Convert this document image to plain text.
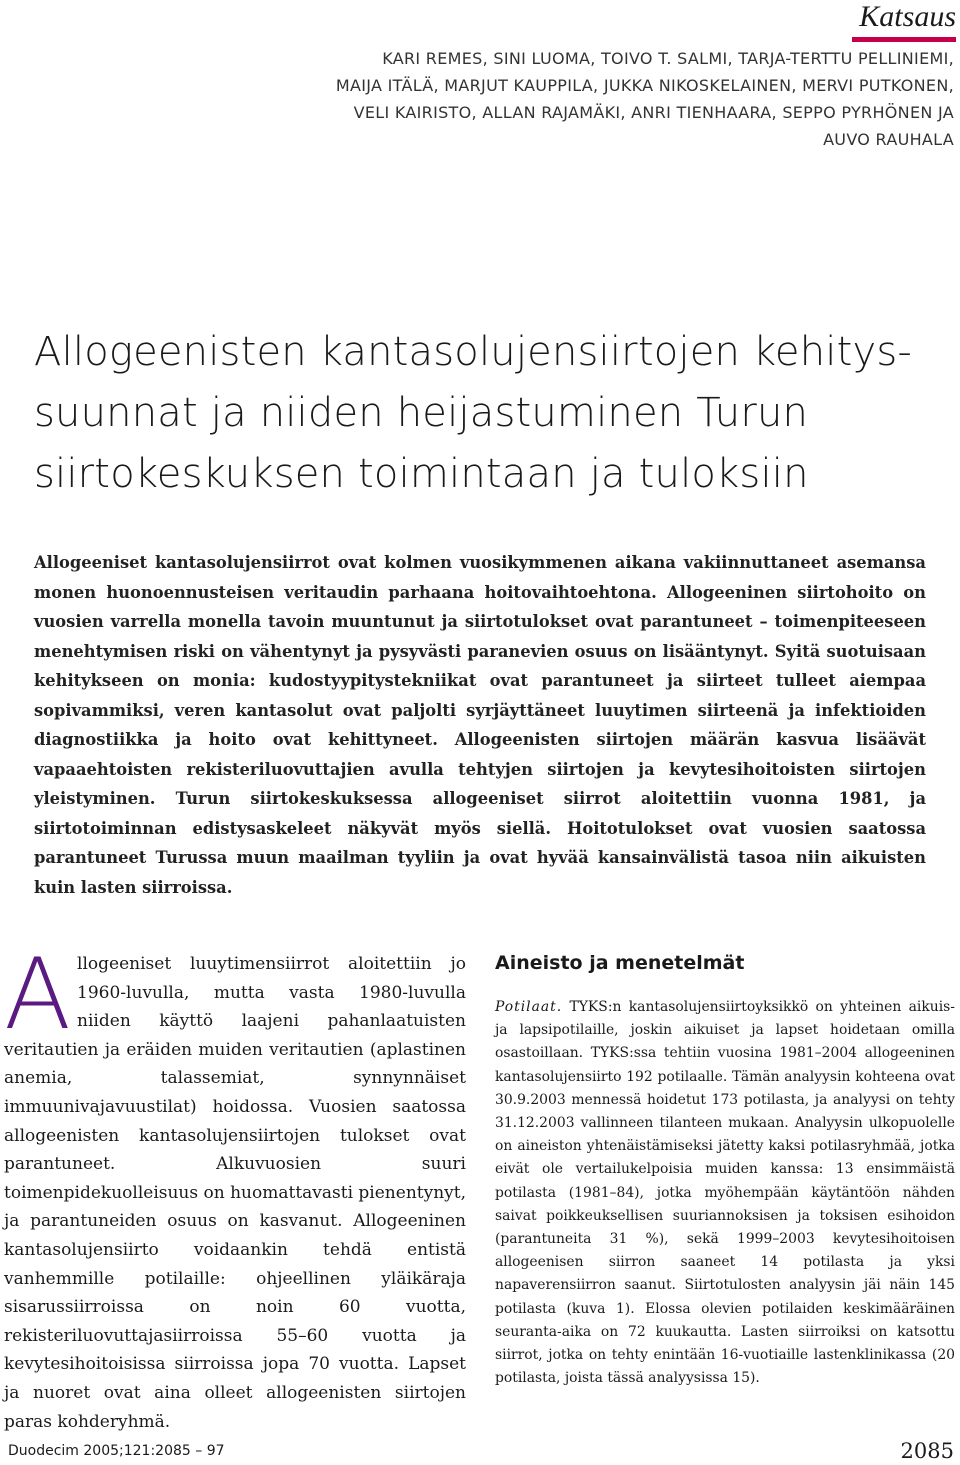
Katsaus
KARI REMES, SINI LUOMA, TOIVO T. SALMI, TARJA-TERTTU PELLINIEMI,
MAIJA ITÄLÄ, MARJUT KAUPPILA, JUKKA NIKOSKELAINEN, MERVI PUTKONEN,
VELI KAIRISTO, ALLAN RAJAMÄKI, ANRI TIENHAARA, SEPPO PYRHÖNEN JA
AUVO RAUHALA
Allogeenisten kantasolujensiirtojen kehitys-
suunnat ja niiden heijastuminen Turun
siirtokeskuksen toimintaan ja tuloksiin
Allogeeniset kantasolujensiirrot ovat kolmen vuosikymmenen aikana vakiinnuttaneet asemansa monen huonoennusteisen veritaudin parhaana hoitovaihtoehtona. Allogeeninen siirtohoito on vuosien varrella monella tavoin muuntunut ja siirtotulokset ovat parantuneet – toimenpiteeseen menehtymisen riski on vähentynyt ja pysyvästi paranevien osuus on lisääntynyt. Syitä suotuisaan kehitykseen on monia: kudostyypitystekniikat ovat parantuneet ja siirteet tulleet aiempaa sopivammiksi, veren kantasolut ovat paljolti syrjäyttäneet luuytimen siirteenä ja infektioiden diagnostiikka ja hoito ovat kehittyneet. Allogeenisten siirtojen määrän kasvua lisäävät vapaaehtoisten rekisteriluovuttajien avulla tehtyjen siirtojen ja kevytesihoitoisten siirtojen yleistyminen. Turun siirtokeskuksessa allogeeniset siirrot aloitettiin vuonna 1981, ja siirtotoiminnan edistysaskeleet näkyvät myös siellä. Hoitotulokset ovat vuosien saatossa parantuneet Turussa muun maailman tyyliin ja ovat hyvää kansainvälistä tasoa niin aikuisten kuin lasten siirroissa.
Allogeeniset luuytimensiirrot aloitettiin jo 1960-luvulla, mutta vasta 1980-luvulla niiden käyttö laajeni pahanlaatuisten veritautien ja eräiden muiden veritautien (aplastinen anemia, talassemiat, synnynnäiset immuunivajavuustilat) hoidossa. Vuosien saatossa allogeenisten kantasolujensiirtojen tulokset ovat parantuneet. Alkuvuosien suuri toimenpidekuolleisuus on huomattavasti pienentynyt, ja parantuneiden osuus on kasvanut. Allogeeninen kantasolujensiirto voidaankin tehdä entistä vanhemmille potilaille: ohjeellinen yläikäraja sisarussiirroissa on noin 60 vuotta, rekisteriluovuttajasiirroissa 55–60 vuotta ja kevytesihoitoisissa siirroissa jopa 70 vuotta. Lapset ja nuoret ovat aina olleet allogeenisten siirtojen paras kohderyhmä.
Aineisto ja menetelmät
Potilaat. TYKS:n kantasolujensiirtoyksikkö on yhteinen aikuis- ja lapsipotilaille, joskin aikuiset ja lapset hoidetaan omilla osastoillaan. TYKS:ssa tehtiin vuosina 1981–2004 allogeeninen kantasolujensiirto 192 potilaalle. Tämän analyysin kohteena ovat 30.9.2003 mennessä hoidetut 173 potilasta, ja analyysi on tehty 31.12.2003 vallinneen tilanteen mukaan. Analyysin ulkopuolelle on aineiston yhtenäistämiseksi jätetty kaksi potilasryhmää, jotka eivät ole vertailukelpoisia muiden kanssa: 13 ensimmäistä potilasta (1981–84), jotka myöhempään käytäntöön nähden saivat poikkeuksellisen suuriannoksisen ja toksisen esihoidon (parantuneita 31 %), sekä 1999–2003 kevytesihoitoisen allogeenisen siirron saaneet 14 potilasta ja yksi napaverensiirron saanut. Siirtotulosten analyysin jäi näin 145 potilasta (kuva 1). Elossa olevien potilaiden keskimääräinen seuranta-aika on 72 kuukautta. Lasten siirroiksi on katsottu siirrot, jotka on tehty enintään 16-vuotiaille lastenklinikassa (20 potilasta, joista tässä analyysissa 15).
Duodecim 2005;121:2085 – 97	2085
